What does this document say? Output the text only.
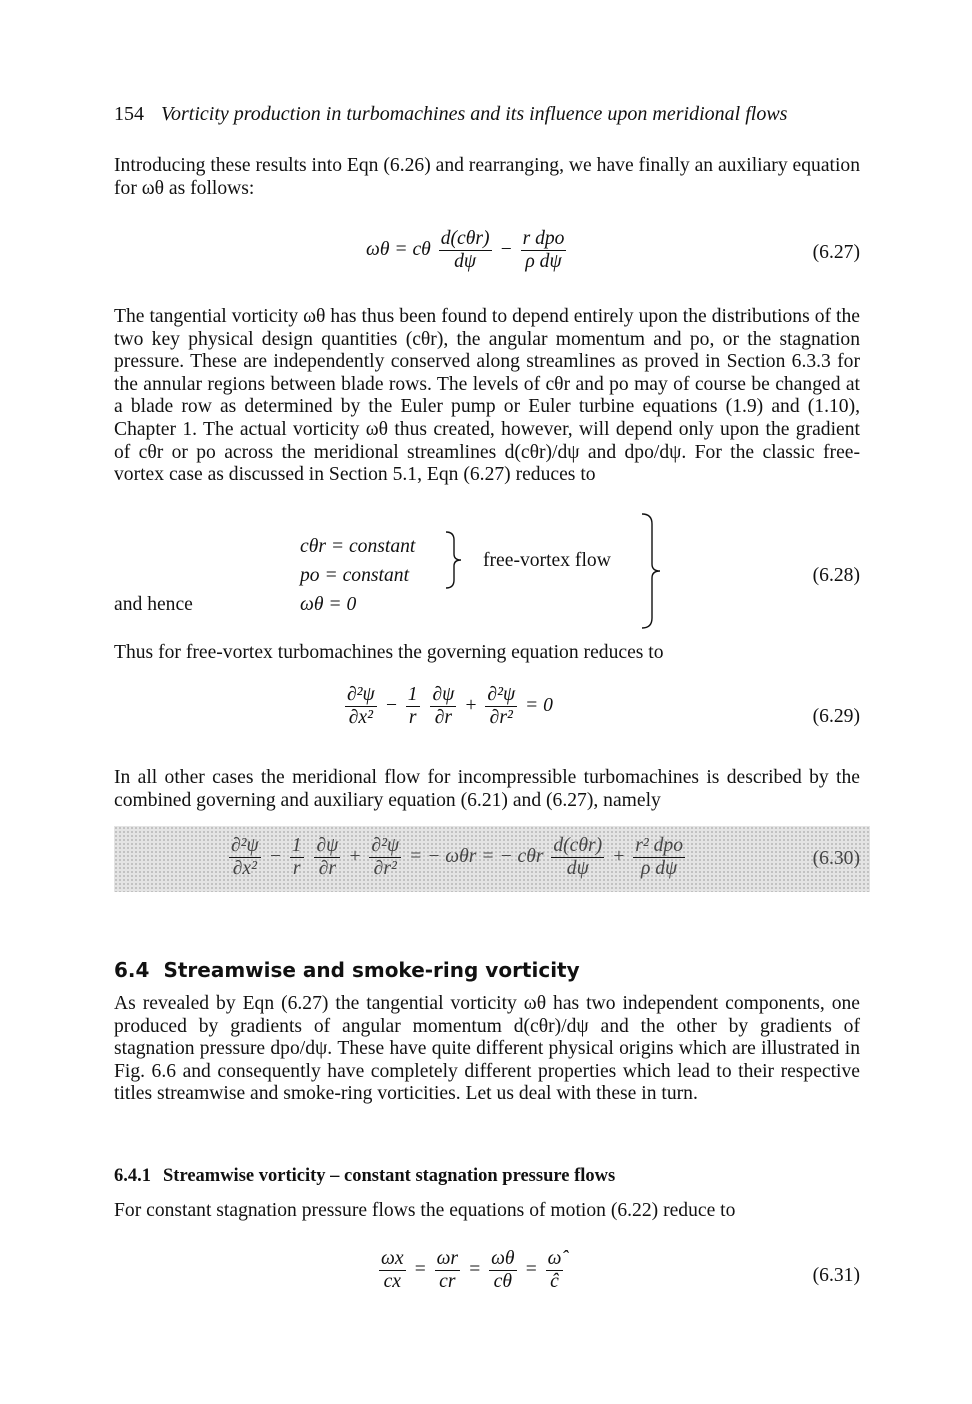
154 Vorticity production in turbomachines and its influence upon meridional flows

Introducing these results into Eqn (6.26) and rearranging, we have finally an auxiliary equation for ωθ as follows:

ωθ = cθ $\frac{\text{d(cθr)}}{d\psi} - \frac{\text{r dpo}}{\text{ρ dψ}}$	(6.27)

The tangential vorticity ωθ has thus been found to depend entirely upon the distributions of the two key physical design quantities (cθr), the angular momentum and po, or the stagnation pressure. These are independently conserved along streamlines as proved in Section 6.3.3 for the annular regions between blade rows. The levels of cθr and po may of course be changed at a blade row as determined by the Euler pump or Euler turbine equations (1.9) and (1.10), Chapter 1. The actual vorticity ωθ thus created, however, will depend only upon the gradient of cθr or po across the meridional streamlines d(cθr)/dψ and dpo/dψ. For the classic free-vortex case as discussed in Section 5.1, Eqn (6.27) reduces to

cθr = constant
po = constant
ωθ = 0
and hence
free-vortex flow
(6.28)

Thus for free-vortex turbomachines the governing equation reduces to

$\frac{\text{∂²ψ}}{\text{∂x²}} - \frac{1}{r}$
$\frac{\partial\psi}{\partial r} + \frac{\text{∂²ψ}}{\text{∂r²}} = 0$
(6.29)

In all other cases the meridional flow for incompressible turbomachines is described by the combined governing and auxiliary equation (6.21) and (6.27), namely

$\frac{\text{∂²ψ}}{\text{∂x²}} - \frac{1}{r}$
$\frac{\partial\psi}{\partial r} + \frac{\text{∂²ψ}}{\text{∂r²}}$ = − ωθr = − cθr $\frac{\text{d(cθr)}}{d\psi} + \frac{\text{r² dpo}}{\text{ρ dψ}}$	(6.30)
6.4 Streamwise and smoke-ring vorticity

As revealed by Eqn (6.27) the tangential vorticity ωθ has two independent components, one produced by gradients of angular momentum d(cθr)/dψ and the other by gradients of stagnation pressure dpo/dψ. These have quite different physical origins which are illustrated in Fig. 6.6 and consequently have completely different properties which lead to their respective titles streamwise and smoke-ring vorticities. Let us deal with these in turn.

6.4.1 Streamwise vorticity – constant stagnation pressure flows

For constant stagnation pressure flows the equations of motion (6.22) reduce to

$\frac{\omega x}{cx} = \frac{\omega r}{cr} = \frac{\omega\theta}{c\theta} = \frac{\omegâ}{ĉ}$	(6.31)
